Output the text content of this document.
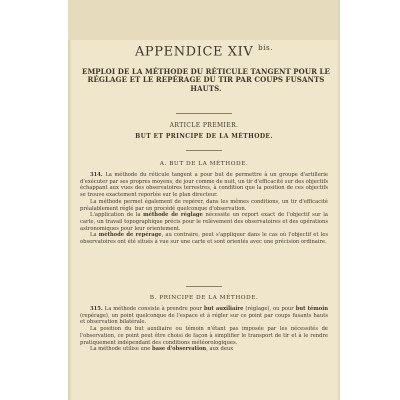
APPENDICE XIV $^{bis.}$
EMPLOI DE LA MÉTHODE DU RÉTICULE TANGENT POUR LE RÉGLAGE ET LE REPÉRAGE DU TIR PAR COUPS FUSANTS HAUTS.
ARTICLE PREMIER.
BUT ET PRINCIPE DE LA MÉTHODE.
A. BUT DE LA MÉTHODE.

314. La méthode du réticule tangent a pour but de permettre à un groupe d'artillerie d'exécuter par ses propres moyens, de jour comme de nuit, un tir d'efficacité sur des objectifs échappant aux vues des observatoires terrestres, à condition que la position de ces objectifs se trouve exactement reportée sur le plan directeur.

La méthode permet également de repérer, dans les mêmes conditions, un tir d'efficacité préalablement réglé par un procédé quelconque d'observation.

L'application de la méthode de réglage nécessite un report exact de l'objectif sur la carte, un travail topographique précis pour le relèvement des observatoires et des opérations astronomiques pour leur orientement.

La méthode de repérage, au contraire, peut s'appliquer dans le cas où l'objectif et les observatoires ont été situés à vue sur une carte et sont orientés avec une précision ordinaire.

B. PRINCIPE DE LA MÉTHODE.

315. La méthode consiste à prendre pour but auxiliaire (réglage), ou pour but témoin (repérage), un point quelconque de l'espace et à régler sur ce point par coups fusants hauts et observation bilatérale.

La position du but auxiliaire ou témoin n'étant pas imposée par les nécessités de l'observation, ce point peut être choisi de façon à simplifier le transport de tir et à le rendre pratiquement indépendant des conditions météorologiques.

La méthode utilise une base d'observation, aux deux
